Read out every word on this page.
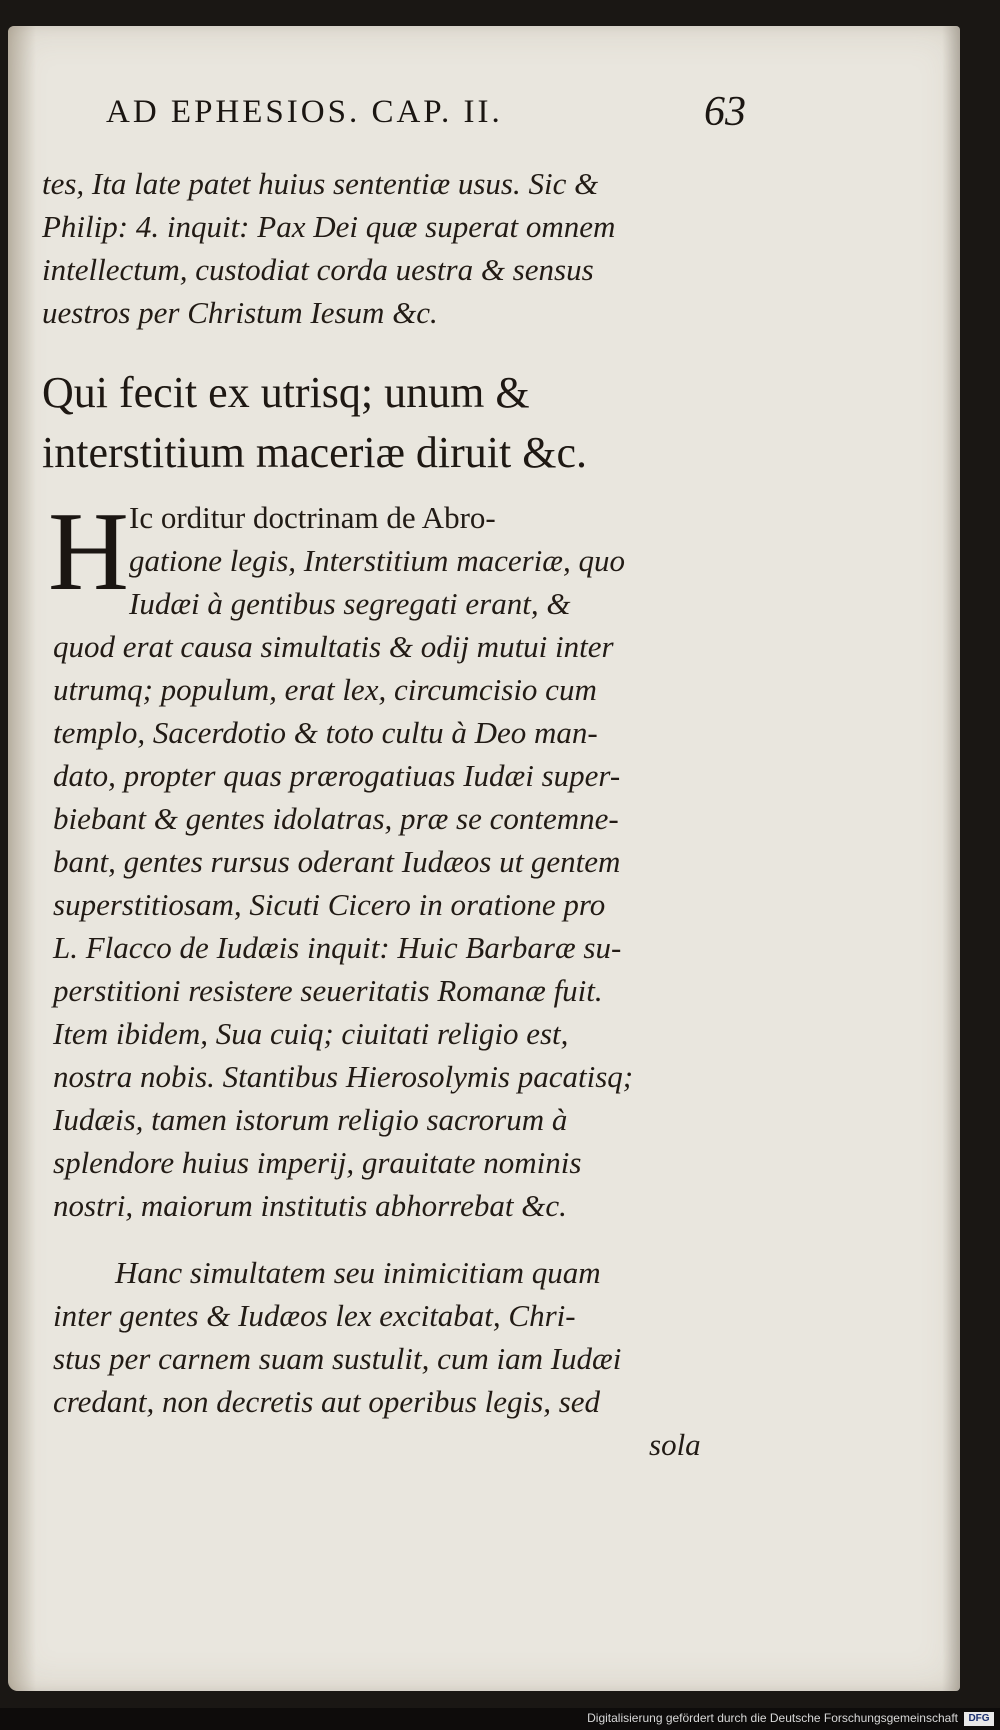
AD EPHESIOS. CAP. II.	63
tes, Ita late patet huius sententiæ usus. Sic &
Philip: 4. inquit: Pax Dei quæ superat omnem
intellectum, custodiat corda uestra & sensus
uestros per Christum Iesum &c.
Qui fecit ex utrisq; unum &
interstitium maceriæ diruit &c.
H Ic orditur doctrinam de Abro-
gatione legis, Interstitium maceriæ, quo
Iudæi à gentibus segregati erant, &
quod erat causa simultatis & odij mutui inter
utrumq; populum, erat lex, circumcisio cum
templo, Sacerdotio & toto cultu à Deo man-
dato, propter quas prærogatiuas Iudæi super-
biebant & gentes idolatras, præ se contemne-
bant, gentes rursus oderant Iudæos ut gentem
superstitiosam, Sicuti Cicero in oratione pro
L. Flacco de Iudæis inquit: Huic Barbaræ su-
perstitioni resistere seueritatis Romanæ fuit.
Item ibidem, Sua cuiq; ciuitati religio est,
nostra nobis. Stantibus Hierosolymis pacatisq;
Iudæis, tamen istorum religio sacrorum à
splendore huius imperij, grauitate nominis
nostri, maiorum institutis abhorrebat &c.
Hanc simultatem seu inimicitiam quam
inter gentes & Iudæos lex excitabat, Chri-
stus per carnem suam sustulit, cum iam Iudæi
credant, non decretis aut operibus legis, sed
sola
Digitalisierung gefördert durch die Deutsche Forschungsgemeinschaft	DFG
